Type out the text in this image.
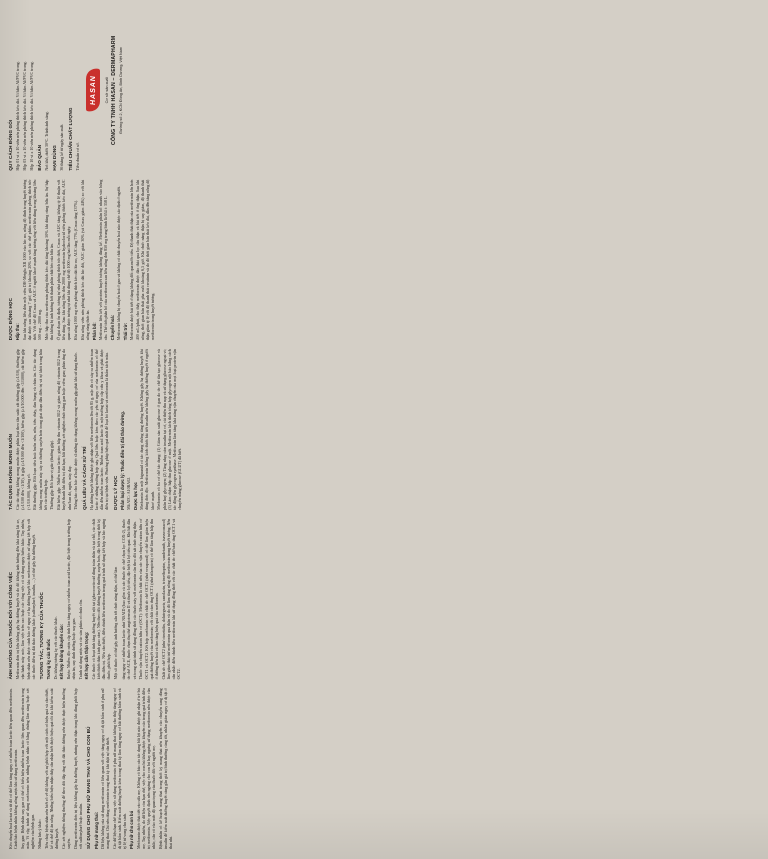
Kéo chuyển hoá lactat và từ đó có thể làm tăng nguy cơ nhiễm toan lactic liên quan đến metformin. Cảnh báo bệnh nhân không uống rượu khi sử dụng metformin. Suy gan: Bệnh nhân suy gan có thể có biểu hiện nhiễm toan lactic liên quan đến metformin trong máu. Vì vậy, tránh sử dụng metformin trên những bệnh nhân có bằng chứng lâm sàng hoặc xét nghiệm của bệnh gan. Những lưu ý khác: Tiêu chảy bệnh nhân nên biết rõ về độ không với sự phối hợp với một cách có hiệu quả và cần thiết, kể cả chế độ ăn uống. Những biểu hiện nhận thấy cần nhận biết được hiệu quả tối đa khi kiểm soát đường huyết. Các xét nghiệm thông thường để theo dõi đáp ứng với đái tháo đường nên được thực hiện thường xuyên. Dùng metformin đơn trị liệu không gây hạ đường huyết, nhưng nên thận trọng khi dùng phối hợp với sulfonylurê hoặc insulin. SỬ DỤNG CHO PHỤ NỮ MANG THAI VÀ CHO CON BÚ Phụ nữ mang thai: Dữ liệu không của sử dụng metformin có liên quan với việc tăng nguy cơ dị tật bẩm sinh ở phụ nữ mang thai. Chỉ nên dùng metformin trong thai kỳ khi thật sự cần thiết. Các dữ liệu hạn chế trong việc sử dụng metformin ở phụ nữ mang thai không cho thấy tăng nguy cơ dị tật bẩm sinh. Kiểm soát đường huyết kém trong thai kỳ làm tăng nguy cơ bất thường bẩm sinh và tỷ lệ tử vong chu sinh. Phụ nữ cho con bú Metformin được thải tiết vào sữa mẹ. Không có báo cáo tác dụng bất lợi nào được ghi nhận ở trẻ bú mẹ. Tuy nhiên, do dữ liệu còn hạn chế, việc cho con bú không được khuyến cáo trong quá trình điều trị metformin. Việc quyết định nên ngưng cho con bú hay ngưng sử dụng metformin nên được cân nhắc, cân có vào mức độ quan trọng của thuốc đối với người mẹ. Bệnh nhân có kế hoạch mang thai trong thời kỳ mang thai nên khuyến cáo chuyển sang dùng insulin để kiểm soát đường huyết càng gần giá trị bình thường càng tốt, nhằm giảm nguy cơ dị tật ở thai nhi.

ẢNH HƯỞNG CỦA THUỐC ĐỐI VỚI CÔNG VIỆC Metformin đơn trị liệu không gây hạ đường huyết và do đó không ảnh hưởng đến khả năng lái xe, vận hành máy móc, làm việc trên cao hoặc các công việc có sử dụng nguy hiểm khác. Tuy nhiên, bệnh nhân nên được cảnh báo về nguy cơ hạ đường huyết khi metformin được sử dụng kết hợp với các thuốc điều trị đái tháo đường khác (sulfonylurê, insulin, ...) có thể gây hạ đường huyết. TƯƠNG TÁC, TƯƠNG KỴ CỦA THUỐC Tương kỵ của thuốc Do không tương kỵ với các thuốc khác. Kết hợp không khuyến cáo: Rượu: Nhiễm độc rượu cấp tính làm tăng nguy cơ nhiễm toan acid lactic, đặc biệt trong trường hợp nhịn ăn, suy dinh dưỡng hoặc suy gan. Tránh sử dụng rượu và các sản phẩm có chứa cồn. Kết hợp cần thận trọng: Các thuốc có hoạt tính tăng đường huyết nội tại (glucocorticoid dùng toàn thân và tại chỗ, các chất kích thích thần kinh giao cảm). Nên theo dõi đường huyết thường xuyên hơn, đặc biệt trong thời kỳ đầu điều trị. Nếu cần thiết, điều chỉnh liều metformin trong quá trình sử dụng kết hợp và lúc ngưng thuốc, phối hợp. Một số thuốc có thể gây ảnh hưởng xấu tới chức năng thận, có thể làm tăng nguy cơ nhiễm toan lactic như NSAID (bao gồm cả các thuốc ức chế chọn lọc COX-2), thuốc ức chế ACE, thuốc chẹn thụ thể angiotensin II và thuốc lợi tiểu, đặc biệt là lợi tiểu quai. Khi bắt đầu và trong quá trình sử dụng đồng thời các thuốc này với metformin cần theo dõi sát chức năng thận. Thuốc vận chuyển cation hữu cơ (OCT): Metformin là chất nền của các vận chuyển cation hữu cơ OCT1 và OCT2. Kết hợp metformin với chất ức chế OCT1 (như verapamil) có thể làm giảm hiệu quả đường huyết của metformin; với chất cảm ứng OCT1 (như rifampicin) có thể làm tăng hấp thu ở đường tiêu hoá và làm tăng hiệu quả của metformin. Chất ức chế OCT2 (như cimetidin, dolutegravir, ranolazin, trimethoprim, vandetanib, isavuconazol) làm giảm thải trừ metformin qua thận và do đó làm tăng nồng độ metformin trong huyết tương. Nên cân nhắc điều chỉnh liều metformin khi sử dụng đồng thời với các chất ức chế/cảm ứng OCT1 và OCT2.

TÁC DỤNG KHÔNG MONG MUỐN Các tác dụng không mong muốn được phân loại theo tần suất: rất thường gặp (≥1/10), thường gặp (≥1/100 đến <1/10), ít gặp (≥1/1000 đến <1/100), hiếm gặp (≥1/10.000 đến <1/1000), rất hiếm gặp (<1/10.000), không rõ. Rất thường gặp: Rối loạn tiêu hoá: buồn nôn, nôn, tiêu chảy, đau bụng và chán ăn. Các tác dụng không mong muốn này xảy ra thường xuyên hơn trong giai đoạn đầu điều trị và tự khỏi trong hầu hết các trường hợp. Thường gặp: Rối loạn vị giác (thường gặp). Rất hiếm gặp: Nhiễm toan lactic; giảm hấp thu vitamin B12 và giảm nồng độ vitamin B12 trong huyết thanh khi điều trị dài hạn; bất thường xét nghiệm chức năng gan hoặc viêm gan; phản ứng da như ban đỏ, ngứa, mày đay. Thông báo cho bác sĩ hoặc dược sĩ những tác dụng không mong muốn gặp phải khi sử dụng thuốc. QUÁ LIỀU VÀ CÁCH XỬ TRÍ Hạ đường huyết không được ghi nhận với liều metformin lên tới 85 g, mặc dù có xảy ra nhiễm toan lactic ở những trường hợp này. Quá liều hoặc kèm theo các yếu tố nguy cơ của metformin có thể dẫn đến nhiễm toan lactic. Nhiễm toan acid lactic là một trường hợp cấp cứu y khoa và phải được điều trị tại bệnh viện. Phương pháp hiệu quả nhất để loại bỏ lactat và metformin là thẩm tách máu. DƯỢC LÝ HỌC Phân loại dược lý: Thuốc điều trị đái tháo đường. Mã ATC: A10BA02. Dược lực học Metformin là một biguanid có tác dụng chống tăng đường huyết. Không gây hạ đường huyết khi dùng đơn độc. Metformin không kích thích bài tiết insulin nên không gây hạ đường huyết ở người khoẻ mạnh. Metformin có ba cơ chế tác dụng: (1) Giảm sản xuất glucose ở gan do ức chế tân tạo glucose và phân huỷ glycogen; (2) Tăng nhạy cảm insulin tại cơ, cải thiện thu nạp và sử dụng glucose ngoại vi; (3) Làm chậm hấp thu glucose ở ruột. Metformin kích thích tổng hợp glycogen nội bào bằng cách tác động lên glycogen synthase. Metformin làm tăng khả năng vận chuyển của mọi loại protein vận chuyển màng glucose (GLUT) đã biết.

DƯỢC ĐỘNG HỌC Hấp thu: Sau khi uống liều đơn một viên DH-Metglu XR 1000 vào lúc no, nồng độ đỉnh trong huyết tương đạt được sau khoảng 7 giờ, giá trị khoảng 20% so với các chế phẩm metformin phóng thích tức thời. Với chế độ Cmax và AUC ở người khoẻ mạnh tăng tương ứng với liều dùng trong khoảng liều 500 mg – 2000 mg. Mức hấp thu của metformin phóng thích kéo dài tăng khoảng 50% khi dùng cùng bữa ăn. Sự hấp thu không bị ảnh hưởng bởi thành phần chất béo của bữa ăn. Ở giai đoạn ổn định, tương tự như phóng thích tức thời, Cmax và AUC tăng không tỷ lệ thuận với liều dùng. Sau khi uống liều đơn 2000 mg metformin hydroclorid viên phóng thích kéo dài, AUC quan sát được tương tự như khi dùng chế độ 1000 mg hai lần mỗi ngày. Khi uống 1000 mg viên phóng thích kéo dài lúc no, AUC tăng 77% (Cmax tăng 137%). Khi uống viên nén phóng thích kéo dài lúc đói, AUC giảm 30% (và Cmax giảm 44%) so với khi uống cùng thức ăn. Phân bố: Metformin liên kết với protein huyết tương không đáng kể. Metformin phân bố nhanh vào hồng cầu. Thể tích phân bố của metformin sau liều uống đơn 850 mg trung bình là 654 ± 358 L. Chuyển hoá: Metformin không bị chuyển hoá ở gan và không có chất chuyển hoá nào được xác định ở người. Thải trừ: Metformin được bài tiết ở dạng không đổi qua nước tiểu. Độ thanh thải thận của metformin lớn hơn 400 mL/phút, cho thấy metformin được đào thải qua lọc cầu thận và bài tiết ở ống thận. Sau khi uống, thời gian bán thải pha cuối khoảng 6,5 giờ. Khi chức năng thận bị suy giảm, độ thanh thải thận giảm tỷ lệ với độ thanh thải creatinin và do đó thời gian bán thải kéo dài, dẫn đến tăng nồng độ metformin trong huyết tương.

QUY CÁCH ĐÓNG GÓI Hộp 01 vỉ x 10 viên nén phóng thích kéo dài. Vỉ bấm Al/PVC trong. Hộp 03 vỉ x 10 viên nén phóng thích kéo dài. Vỉ bấm Al/PVC trong. Hộp 10 vỉ x 10 viên nén phóng thích kéo dài. Vỉ bấm Al/PVC trong. BẢO QUẢN Nơi khô, dưới 30°C. Tránh ánh sáng. HẠN DÙNG 36 tháng kể từ ngày sản xuất. TIÊU CHUẨN CHẤT LƯỢNG Tiêu chuẩn cơ sở.

HASAN	Cơ sở sản xuất CÔNG TY TNHH HASAN – DERMAPHARM Đường số 2, KCN Đồng An, Bình Dương, Việt Nam
